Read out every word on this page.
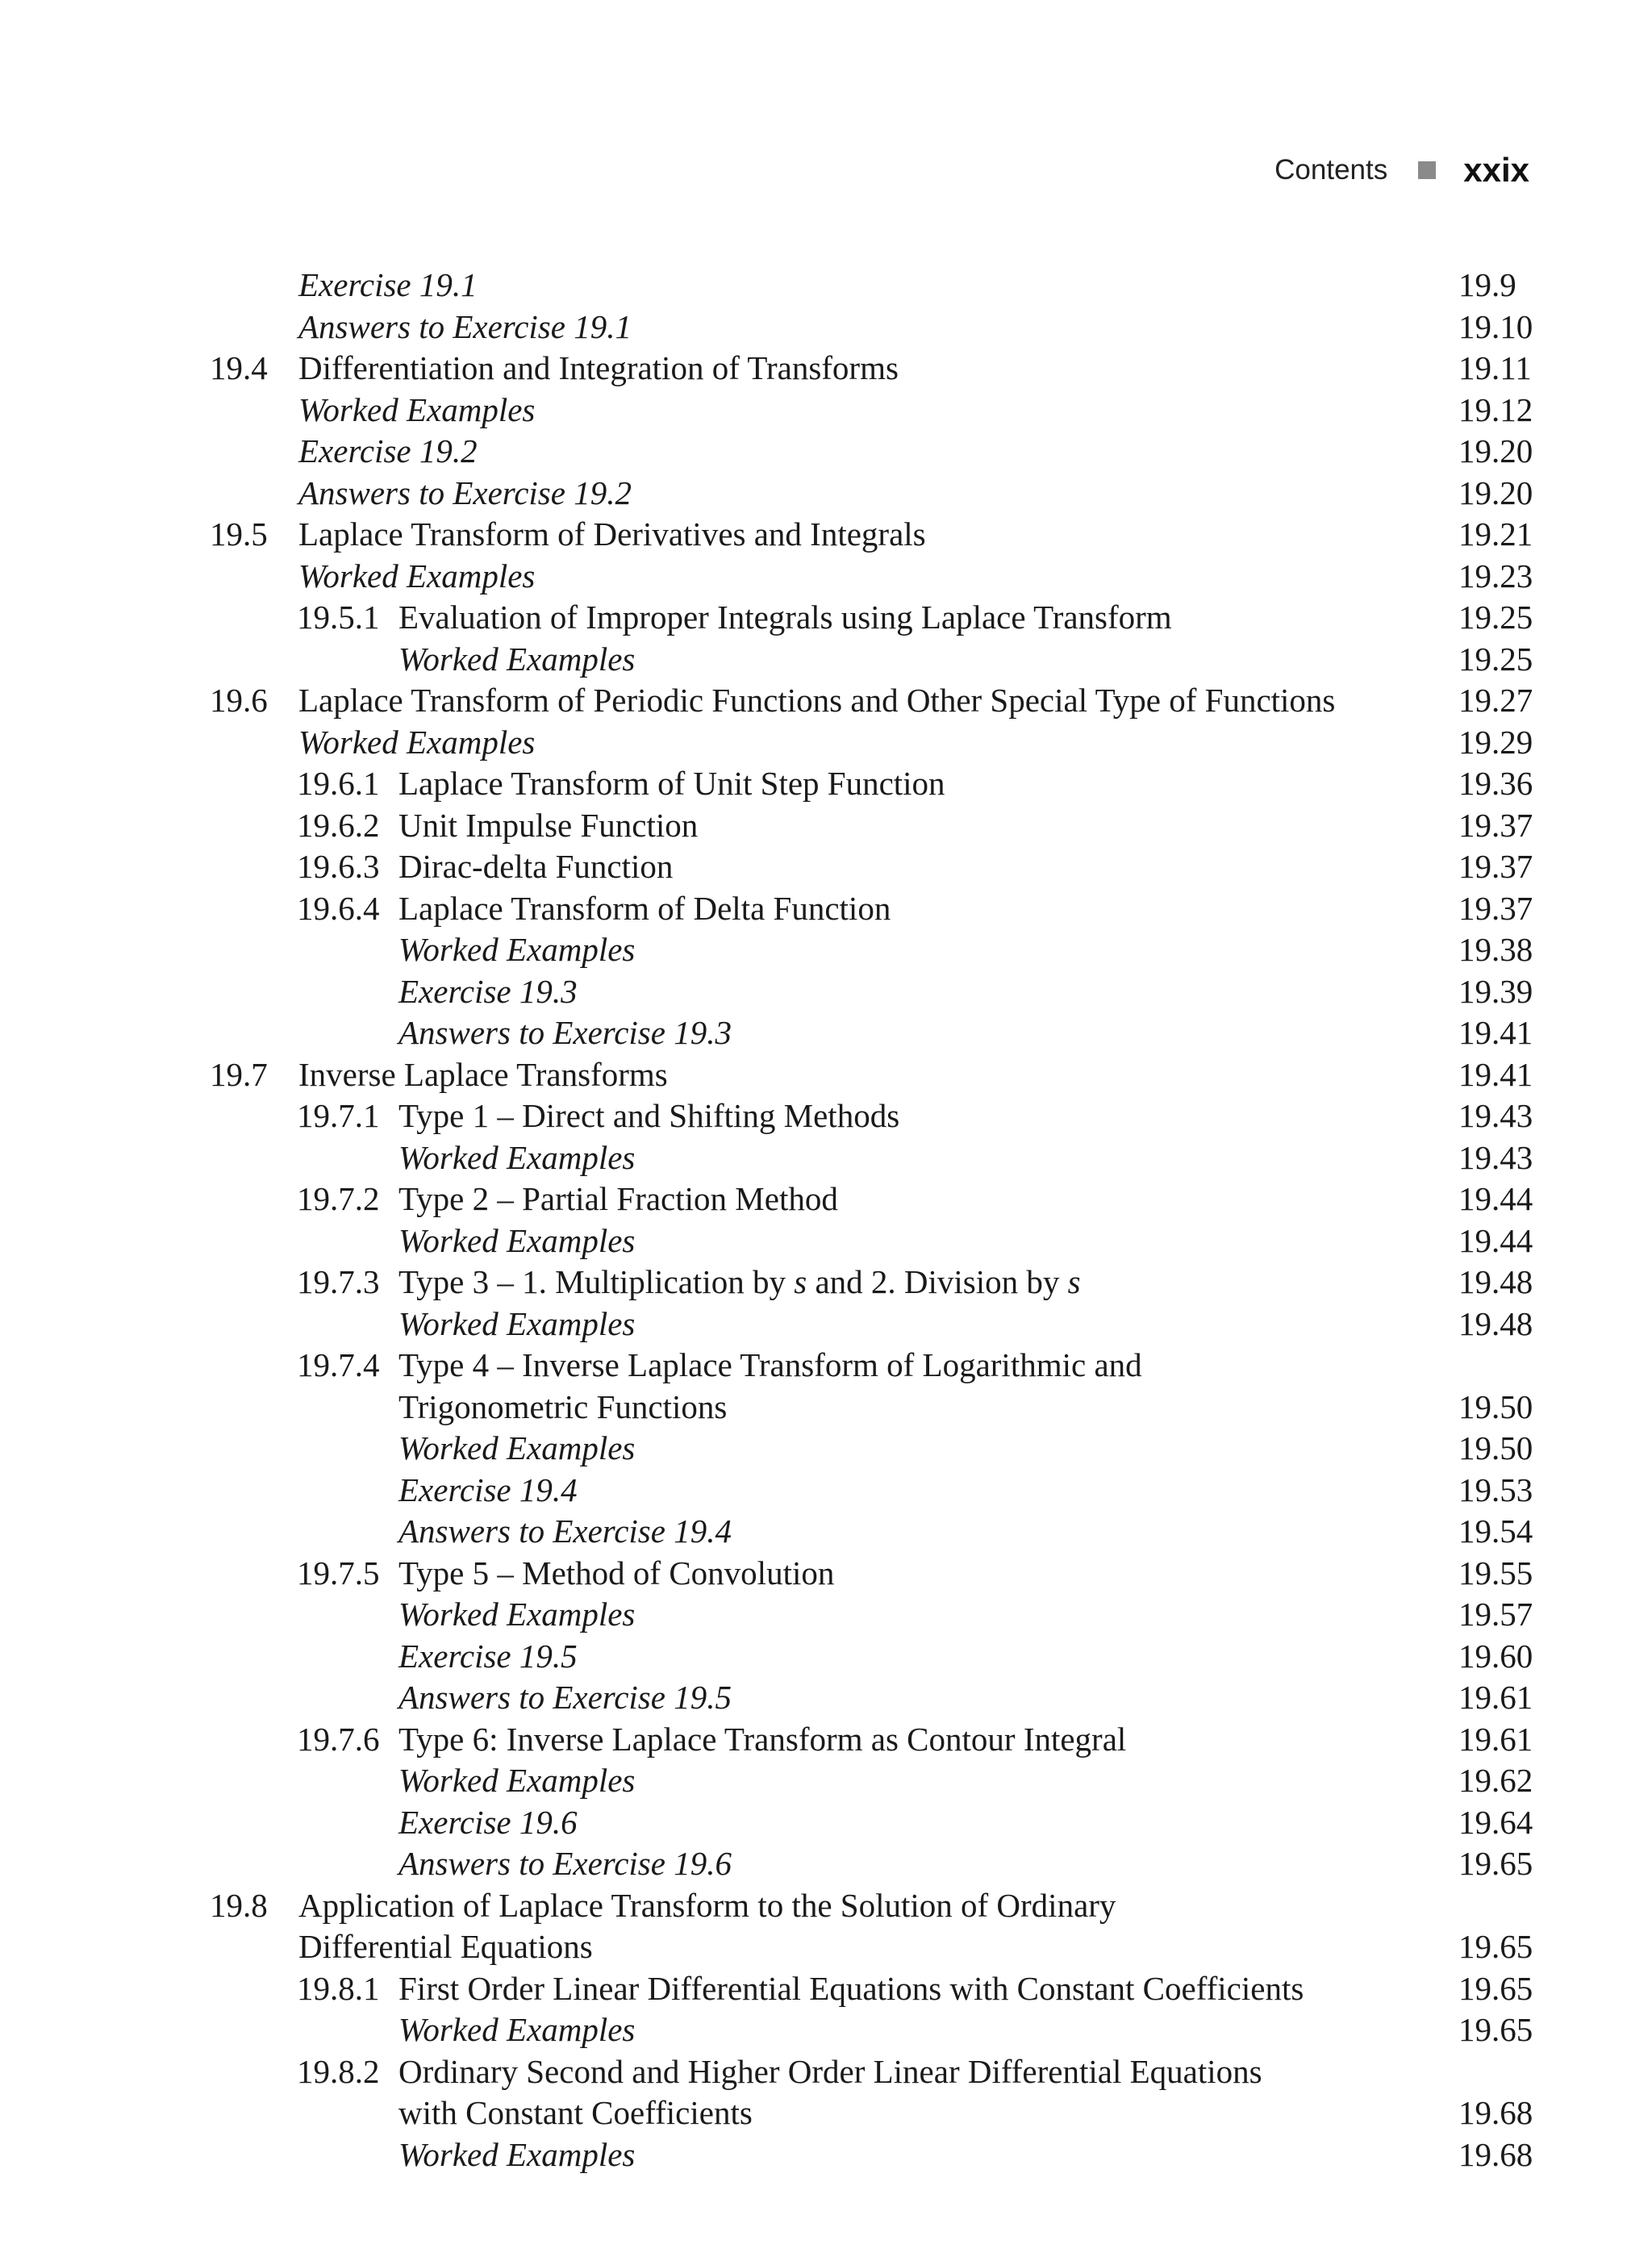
Contents xxix
Exercise 19.1	19.9
Answers to Exercise 19.1	19.10
19.4 Differentiation and Integration of Transforms	19.11
Worked Examples	19.12
Exercise 19.2	19.20
Answers to Exercise 19.2	19.20
19.5 Laplace Transform of Derivatives and Integrals	19.21
Worked Examples	19.23
19.5.1 Evaluation of Improper Integrals using Laplace Transform	19.25
Worked Examples	19.25
19.6 Laplace Transform of Periodic Functions and Other Special Type of Functions	19.27
Worked Examples	19.29
19.6.1 Laplace Transform of Unit Step Function	19.36
19.6.2 Unit Impulse Function	19.37
19.6.3 Dirac-delta Function	19.37
19.6.4 Laplace Transform of Delta Function	19.37
Worked Examples	19.38
Exercise 19.3	19.39
Answers to Exercise 19.3	19.41
19.7 Inverse Laplace Transforms	19.41
19.7.1 Type 1 – Direct and Shifting Methods	19.43
Worked Examples	19.43
19.7.2 Type 2 – Partial Fraction Method	19.44
Worked Examples	19.44
19.7.3 Type 3 – 1. Multiplication by s and 2. Division by s	19.48
Worked Examples	19.48
19.7.4 Type 4 – Inverse Laplace Transform of Logarithmic and
Trigonometric Functions	19.50
Worked Examples	19.50
Exercise 19.4	19.53
Answers to Exercise 19.4	19.54
19.7.5 Type 5 – Method of Convolution	19.55
Worked Examples	19.57
Exercise 19.5	19.60
Answers to Exercise 19.5	19.61
19.7.6 Type 6: Inverse Laplace Transform as Contour Integral	19.61
Worked Examples	19.62
Exercise 19.6	19.64
Answers to Exercise 19.6	19.65
19.8 Application of Laplace Transform to the Solution of Ordinary
Differential Equations	19.65
19.8.1 First Order Linear Differential Equations with Constant Coefficients	19.65
Worked Examples	19.65
19.8.2 Ordinary Second and Higher Order Linear Differential Equations
with Constant Coefficients	19.68
Worked Examples	19.68
